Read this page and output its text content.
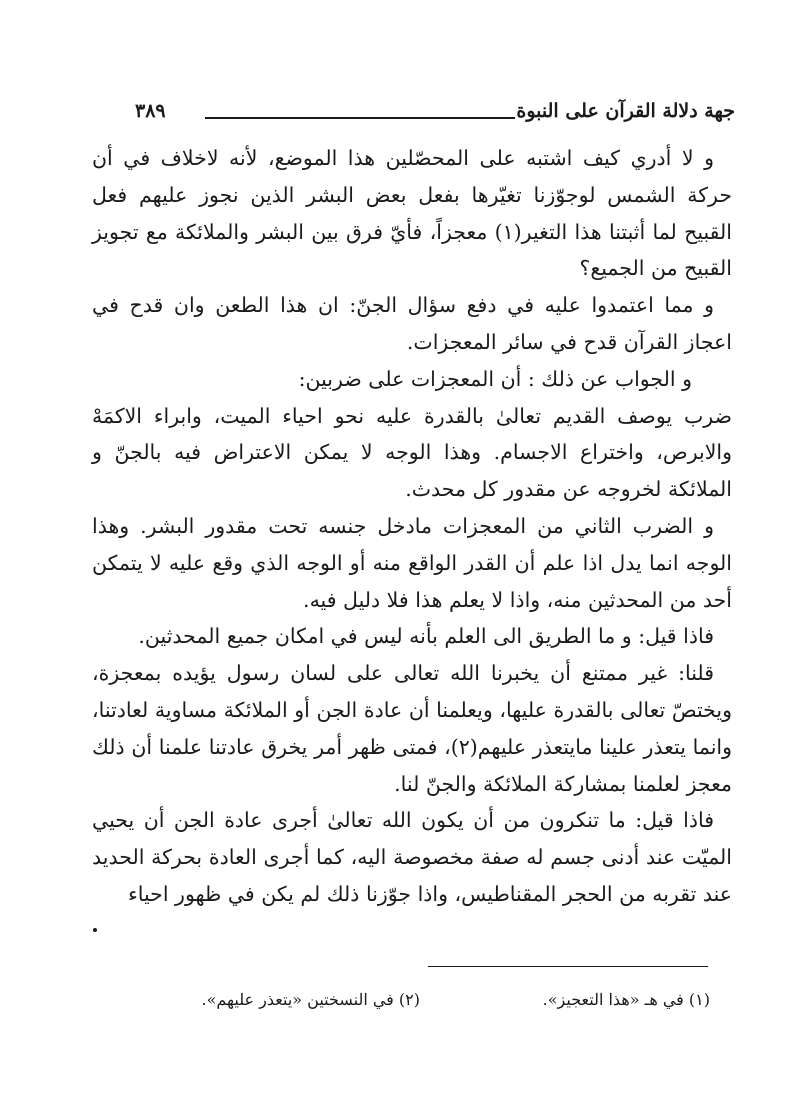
جهة دلالة القرآن على النبوة
٣٨٩

و لا أدري كيف اشتبه على المحصّلين هذا الموضع، لأنه لاخلاف في أن حركة الشمس لوجوّزنا تغيّرها بفعل بعض البشر الذين نجوز عليهم فعل القبيح لما أثبتنا هذا التغير(١) معجزاً، فأيّ فرق بين البشر والملائكة مع تجويز القبيح من الجميع؟

و مما اعتمدوا عليه في دفع سؤال الجنّ: ان هذا الطعن وان قدح في اعجاز القرآن قدح في سائر المعجزات.

و الجواب عن ذلك : أن المعجزات على ضربين:

ضرب يوصف القديم تعالىٰ بالقدرة عليه نحو احياء الميت، وابراء الاكمَهْ والابرص، واختراع الاجسام. وهذا الوجه لا يمكن الاعتراض فيه بالجنّ و الملائكة لخروجه عن مقدور كل محدث.

و الضرب الثاني من المعجزات مادخل جنسه تحت مقدور البشر. وهذا الوجه انما يدل اذا علم أن القدر الواقع منه أو الوجه الذي وقع عليه لا يتمكن أحد من المحدثين منه، واذا لا يعلم هذا فلا دليل فيه.

فاذا قيل: و ما الطريق الى العلم بأنه ليس في امكان جميع المحدثين.

قلنا: غير ممتنع أن يخبرنا الله تعالى على لسان رسول يؤيده بمعجزة، ويختصّ تعالى بالقدرة عليها، ويعلمنا أن عادة الجن أو الملائكة مساوية لعادتنا، وانما يتعذر علينا مايتعذر عليهم(٢)، فمتى ظهر أمر يخرق عادتنا علمنا أن ذلك معجز لعلمنا بمشاركة الملائكة والجنّ لنا.

فاذا قيل: ما تنكرون من أن يكون الله تعالىٰ أجرى عادة الجن أن يحيي الميّت عند أدنى جسم له صفة مخصوصة اليه، كما أجرى العادة بحركة الحديد عند تقربه من الحجر المقناطيس، واذا جوّزنا ذلك لم يكن في ظهور احياء

(١) في هـ «هذا التعجيز».
(٢) في النسختين «يتعذر عليهم».
